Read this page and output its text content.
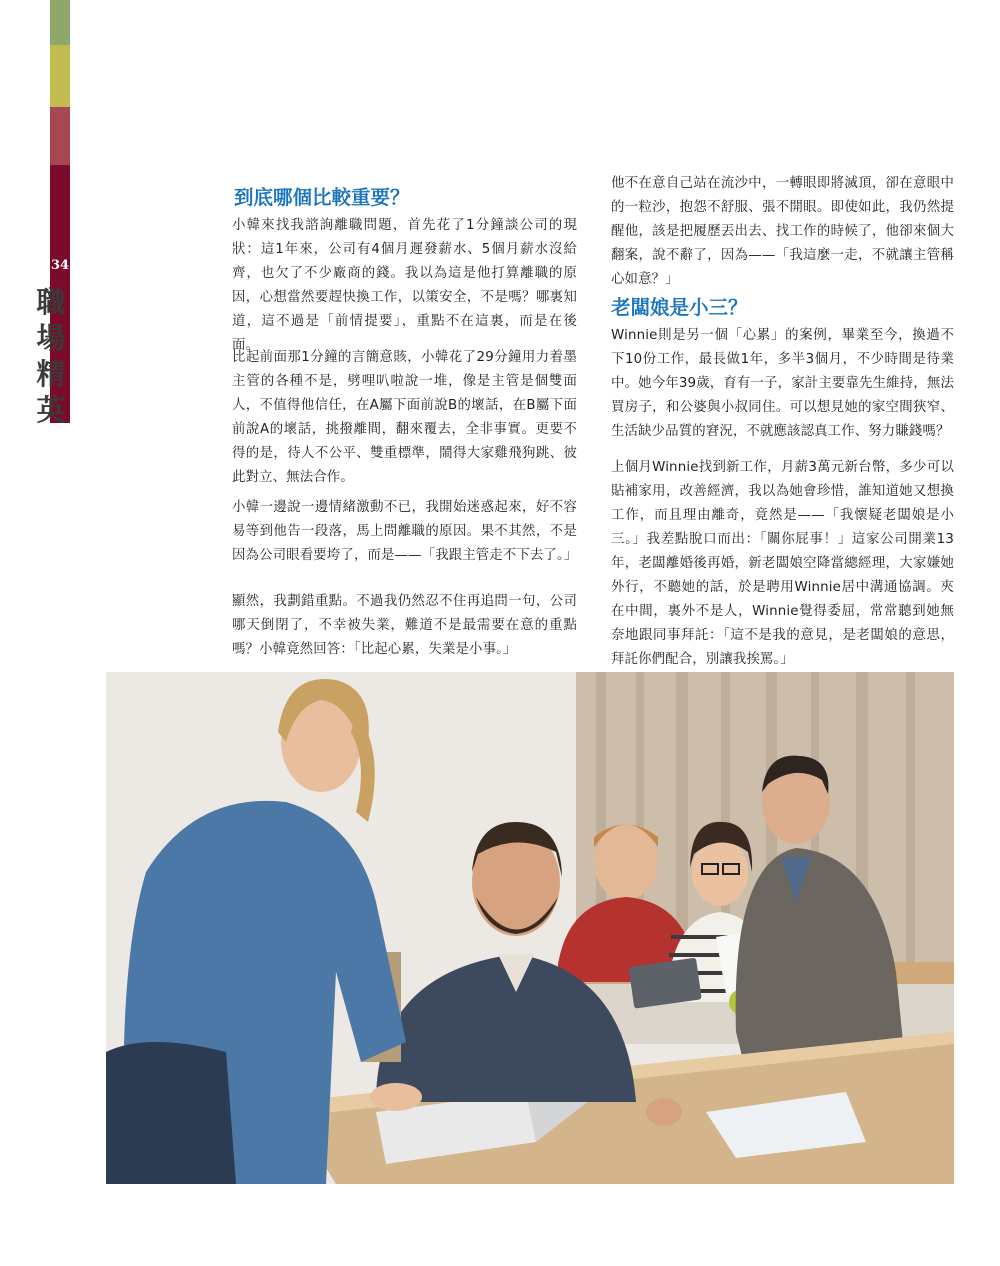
34
職
場
精
英
到底哪個比較重要？
小韓來找我諮詢離職問題，首先花了1分鐘談公司的現狀：這1年來，公司有4個月遲發薪水、5個月薪水沒給齊，也欠了不少廠商的錢。我以為這是他打算離職的原因，心想當然要趕快換工作，以策安全，不是嗎？哪裏知道，這不過是「前情提要」，重點不在這裏，而是在後面。
比起前面那1分鐘的言簡意賅，小韓花了29分鐘用力着墨主管的各種不是，劈哩叭啦說一堆，像是主管是個雙面人，不值得他信任，在A屬下面前說B的壞話，在B屬下面前說A的壞話，挑撥離間，翻來覆去，全非事實。更要不得的是，待人不公平、雙重標準，鬧得大家雞飛狗跳、彼此對立、無法合作。
小韓一邊說一邊情緒激動不已，我開始迷惑起來，好不容易等到他告一段落，馬上問離職的原因。果不其然，不是因為公司眼看要垮了，而是——「我跟主管走不下去了。」
顯然，我劃錯重點。不過我仍然忍不住再追問一句，公司哪天倒閉了，不幸被失業，難道不是最需要在意的重點嗎？小韓竟然回答：「比起心累，失業是小事。」
他不在意自己站在流沙中，一轉眼即將滅頂，卻在意眼中的一粒沙，抱怨不舒服、張不開眼。即使如此，我仍然提醒他，該是把履歷丟出去、找工作的時候了，他卻來個大翻案，說不辭了，因為——「我這麼一走，不就讓主管稱心如意？」
老闆娘是小三？
Winnie則是另一個「心累」的案例，畢業至今，換過不下10份工作，最長做1年，多半3個月，不少時間是待業中。她今年39歲，育有一子，家計主要靠先生維持，無法買房子，和公婆與小叔同住。可以想見她的家空間狹窄、生活缺少品質的窘況，不就應該認真工作、努力賺錢嗎？
上個月Winnie找到新工作，月薪3萬元新台幣，多少可以貼補家用，改善經濟，我以為她會珍惜，誰知道她又想換工作，而且理由離奇，竟然是——「我懷疑老闆娘是小三。」我差點脫口而出：「關你屁事！」這家公司開業13年，老闆離婚後再婚，新老闆娘空降當總經理，大家嫌她外行，不聽她的話，於是聘用Winnie居中溝通協調。夾在中間，裏外不是人，Winnie覺得委屈，常常聽到她無奈地跟同事拜託：「這不是我的意見，是老闆娘的意思，拜託你們配合，別讓我挨罵。」
